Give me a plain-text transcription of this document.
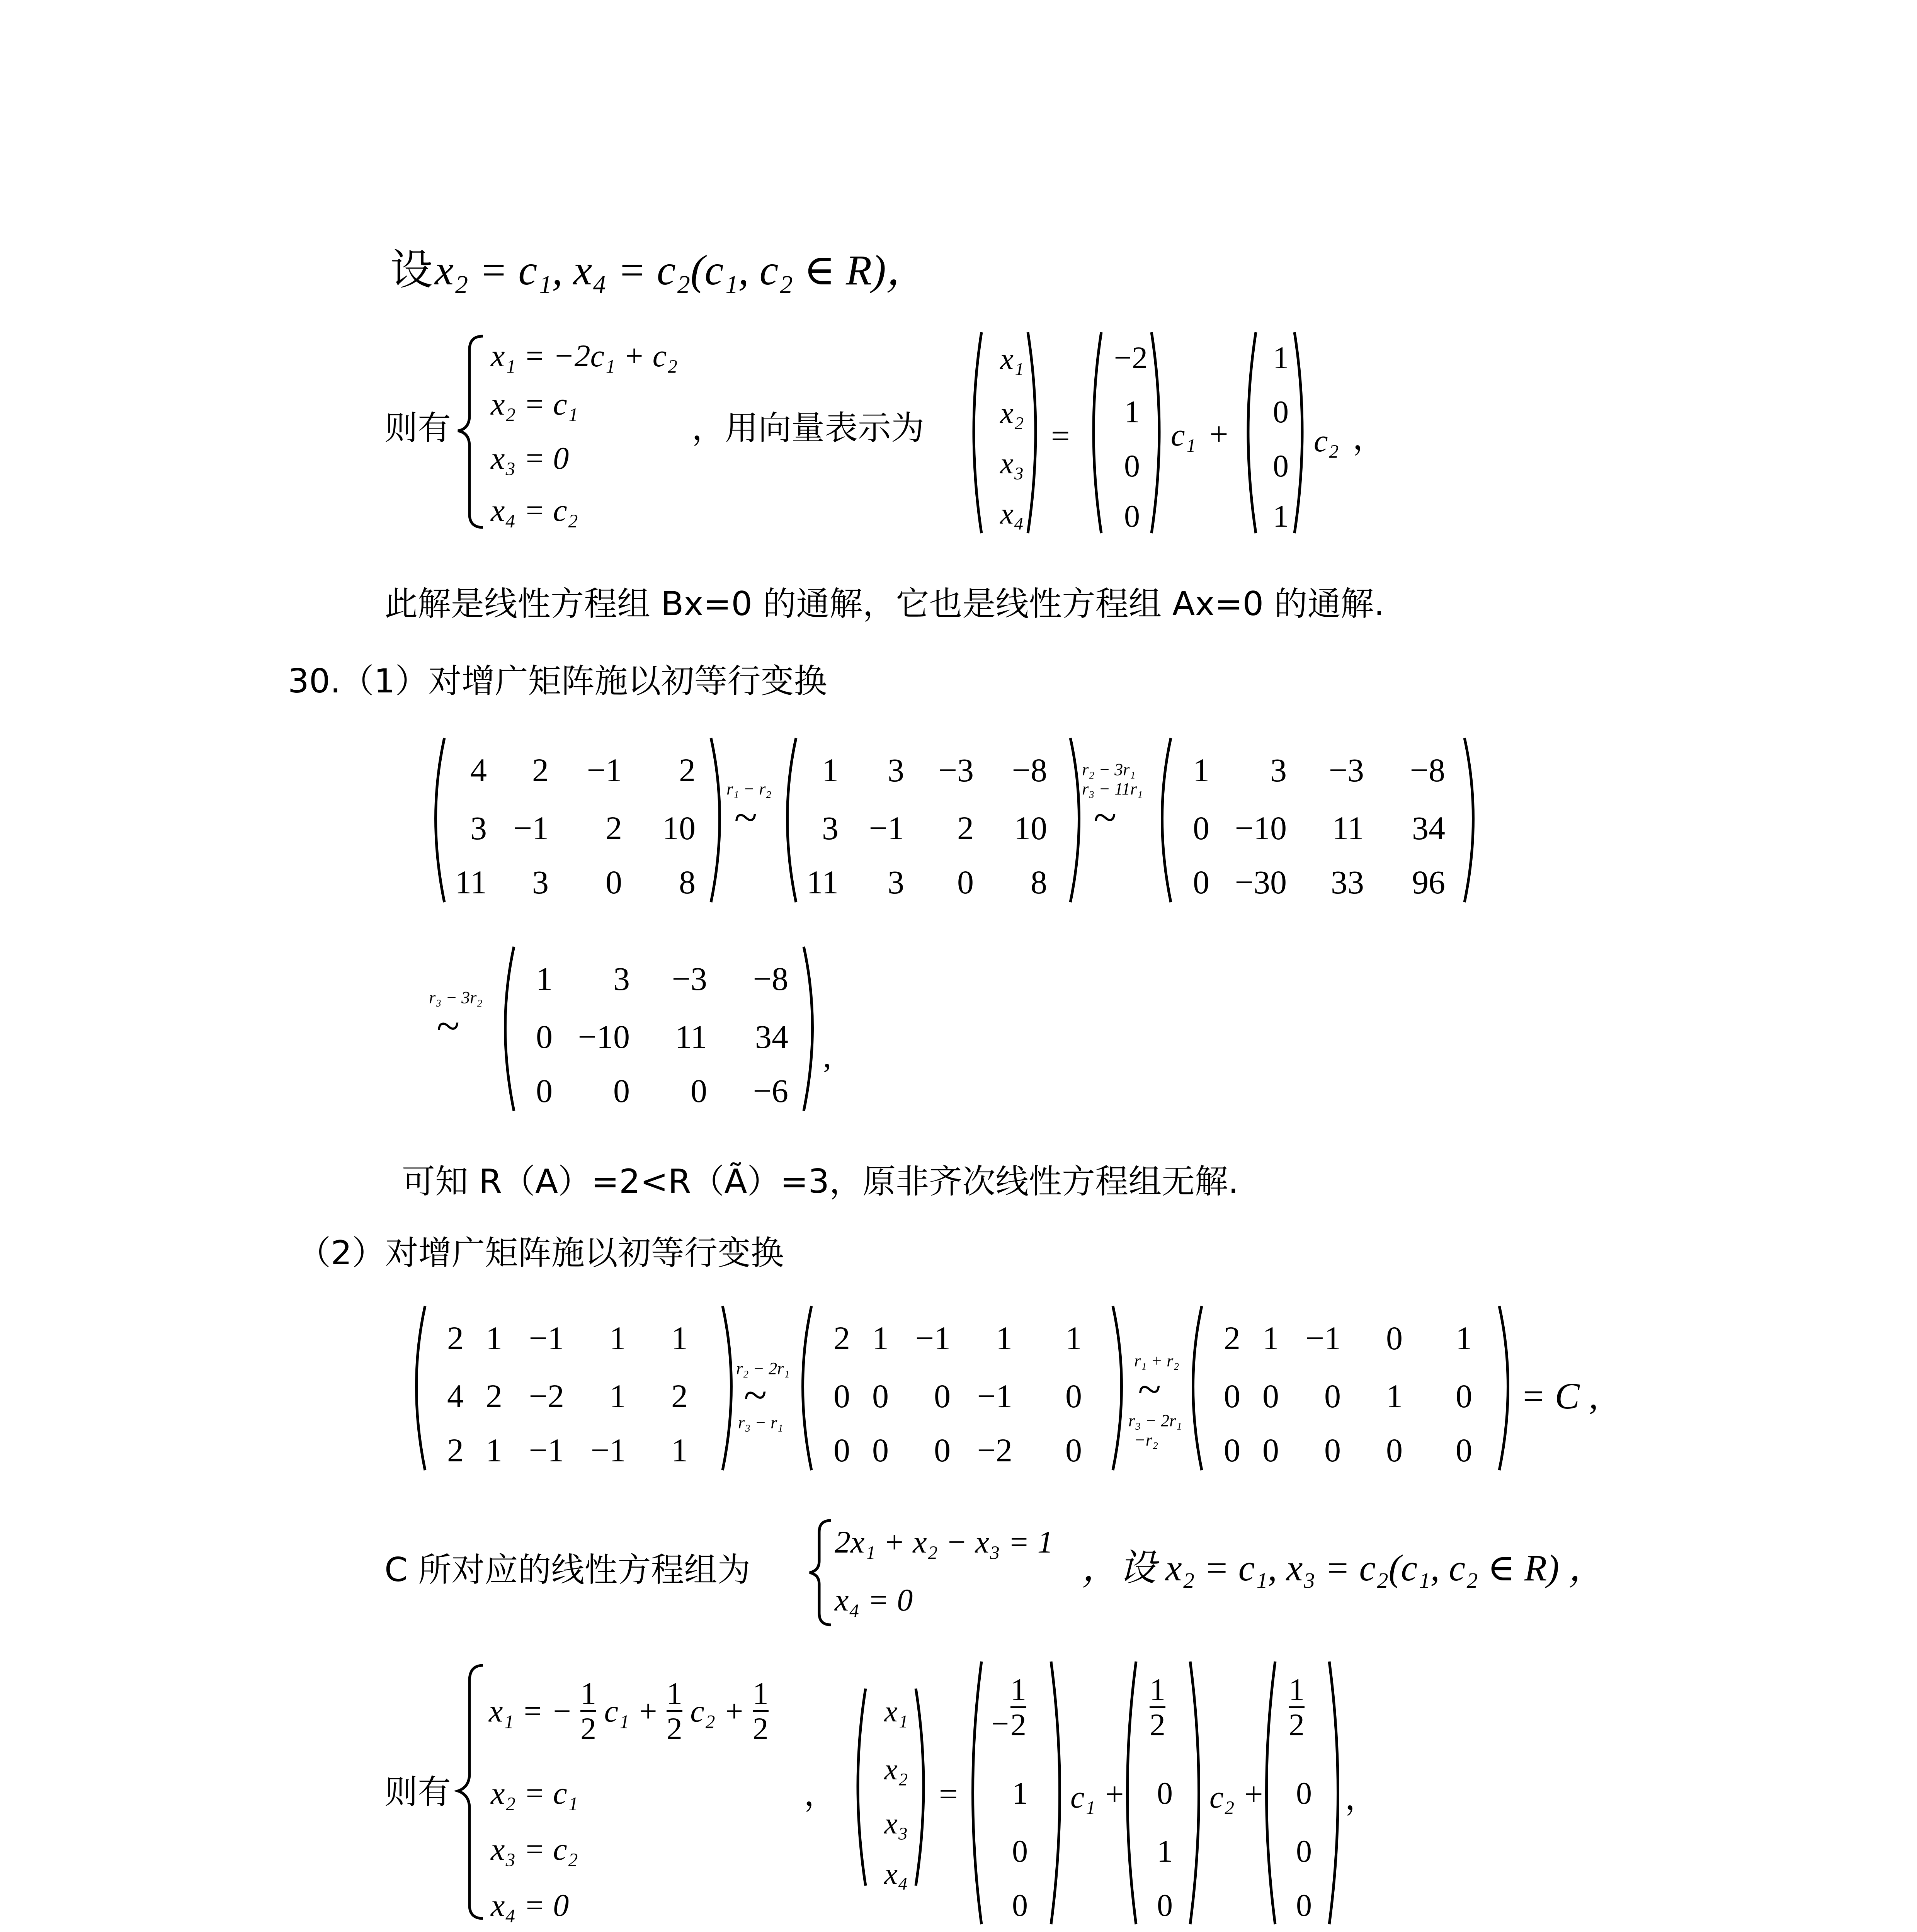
设 x₂ = c₁, x₄ = c₂(c₁, c₂ ∈ R)，
则有
x₁ = −2c₁ + c₂
x₂ = c₁
x₃ = 0
x₄ = c₂
，用向量表示为
x₁
x₂
x₃
x₄
=
−2
1
0
0
c₁ +
1
0
0
1
c₂ ，
此解是线性方程组 Bx=0 的通解，它也是线性方程组 Ax=0 的通解.
30.（1）对增广矩阵施以初等行变换
4	2	−1	2
3 −1	2	10
11	3	0	8
1	3	−3	−8
3 −1	2	10
11	3	0	8
1	3	−3	−8
0 −10	11	34
0 −30	33	96
1	3	−3	−8
0 −10	11	34
0	0	0	−6
r₁ − r₂
~
r₂ − 3r₁
r₃ − 11r₁
~
r₃ − 3r₂
~
,
可知 R（A）=2<R（Ã）=3，原非齐次线性方程组无解.
（2）对增广矩阵施以初等行变换
2 1 −1	1	1
4 2 −2	1	2
2 1 −1 −1	1
2 1 −1	1	1
0 0	0 −1	0
0 0	0 −2	0
2 1 −1	0	1
0 0	0	1	0
0 0	0	0	0
r₂ − 2r₁
~
r₃ − r₁
r₁ + r₂
~
r₃ − 2r₁
−r₂
= C ,
C 所对应的线性方程组为
2x₁ + x₂ − x₃ = 1
x₄ = 0
，设 x₂ = c₁, x₃ = c₂(c₁, c₂ ∈ R) ，
则有
x₁ = − $\frac{1}{2} c_1 + \frac{1}{2} c_2 + \frac{1}{2}$
x₂ = c₁
x₃ = c₂
x₄ = 0
，
x₁
x₂
x₃
x₄
=
− $\frac{1}{2}$
1
0
0
c₁ +
$\frac{1}{2}$
0
1
0
c₂ +
$\frac{1}{2}$
0
0
0
，
